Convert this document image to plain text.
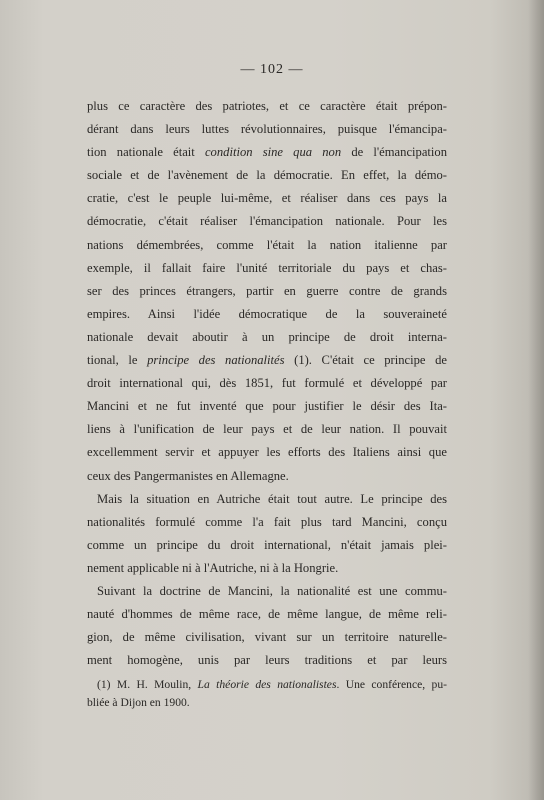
— 102 —
plus ce caractère des patriotes, et ce caractère était prépon-
dérant dans leurs luttes révolutionnaires, puisque l'émancipa-
tion nationale était condition sine qua non de l'émancipation
sociale et de l'avènement de la démocratie. En effet, la démo-
cratie, c'est le peuple lui-même, et réaliser dans ces pays la
démocratie, c'était réaliser l'émancipation nationale. Pour les
nations démembrées, comme l'était la nation italienne par
exemple, il fallait faire l'unité territoriale du pays et chas-
ser des princes étrangers, partir en guerre contre de grands
empires. Ainsi l'idée démocratique de la souveraineté
nationale devait aboutir à un principe de droit interna-
tional, le principe des nationalités (1). C'était ce principe de
droit international qui, dès 1851, fut formulé et développé par
Mancini et ne fut inventé que pour justifier le désir des Ita-
liens à l'unification de leur pays et de leur nation. Il pouvait
excellemment servir et appuyer les efforts des Italiens ainsi que
ceux des Pangermanistes en Allemagne.
Mais la situation en Autriche était tout autre. Le principe des
nationalités formulé comme l'a fait plus tard Mancini, conçu
comme un principe du droit international, n'était jamais plei-
nement applicable ni à l'Autriche, ni à la Hongrie.
Suivant la doctrine de Mancini, la nationalité est une commu-
nauté d'hommes de même race, de même langue, de même reli-
gion, de même civilisation, vivant sur un territoire naturelle-
ment homogène, unis par leurs traditions et par leurs
(1) M. H. Moulin, La théorie des nationalistes. Une conférence, pu-
bliée à Dijon en 1900.
